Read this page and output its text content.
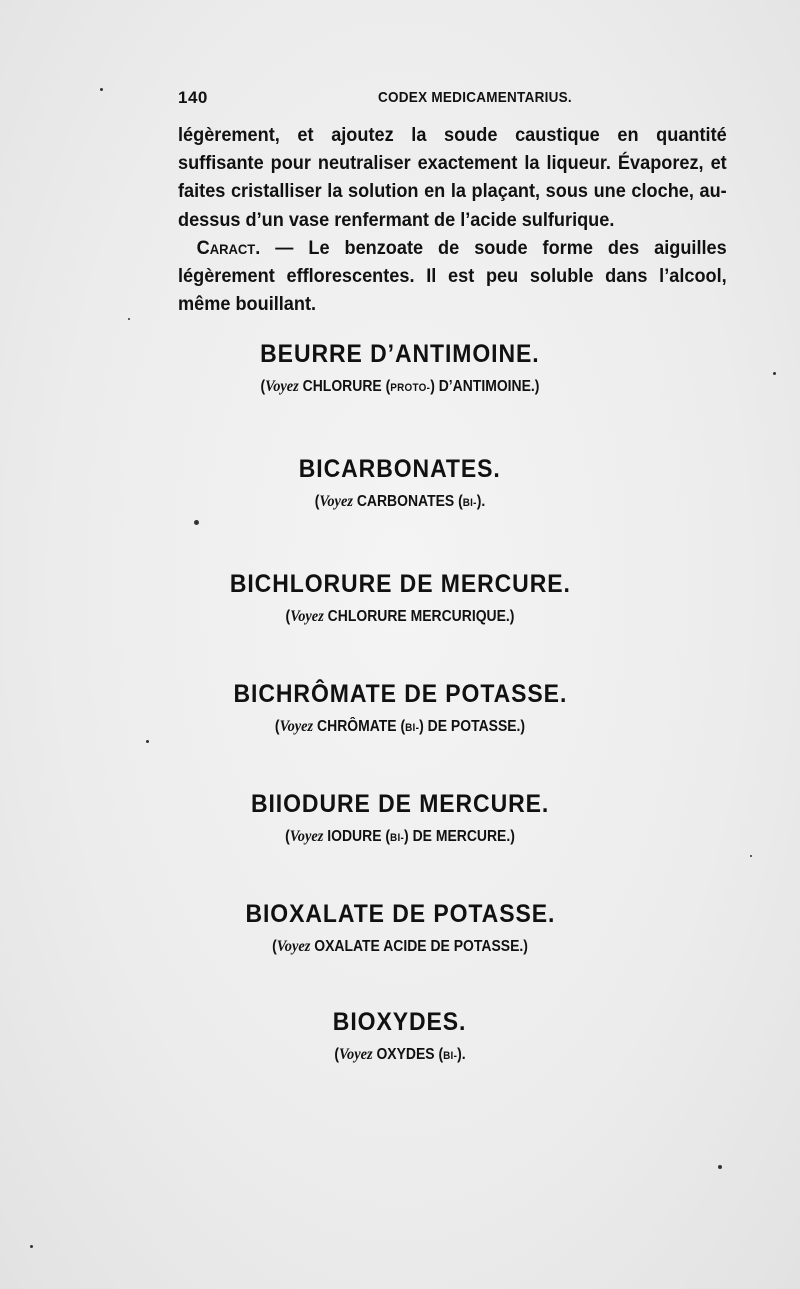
140	CODEX MEDICAMENTARIUS.

légèrement, et ajoutez la soude caustique en quantité suffisante pour neutraliser exactement la liqueur. Évaporez, et faites cristalliser la solution en la plaçant, sous une cloche, au-dessus d’un vase renfermant de l’acide sulfurique.

Caract. — Le benzoate de soude forme des aiguilles légèrement efflorescentes. Il est peu soluble dans l’alcool, même bouillant.

BEURRE D’ANTIMOINE.
(Voyez CHLORURE (PROTO-) D’ANTIMOINE.)
BICARBONATES.
(Voyez CARBONATES (BI-).
BICHLORURE DE MERCURE.
(Voyez CHLORURE MERCURIQUE.)
BICHRÔMATE DE POTASSE.
(Voyez CHRÔMATE (BI-) DE POTASSE.)
BIIODURE DE MERCURE.
(Voyez IODURE (BI-) DE MERCURE.)
BIOXALATE DE POTASSE.
(Voyez OXALATE ACIDE DE POTASSE.)
BIOXYDES.
(Voyez OXYDES (BI-).
